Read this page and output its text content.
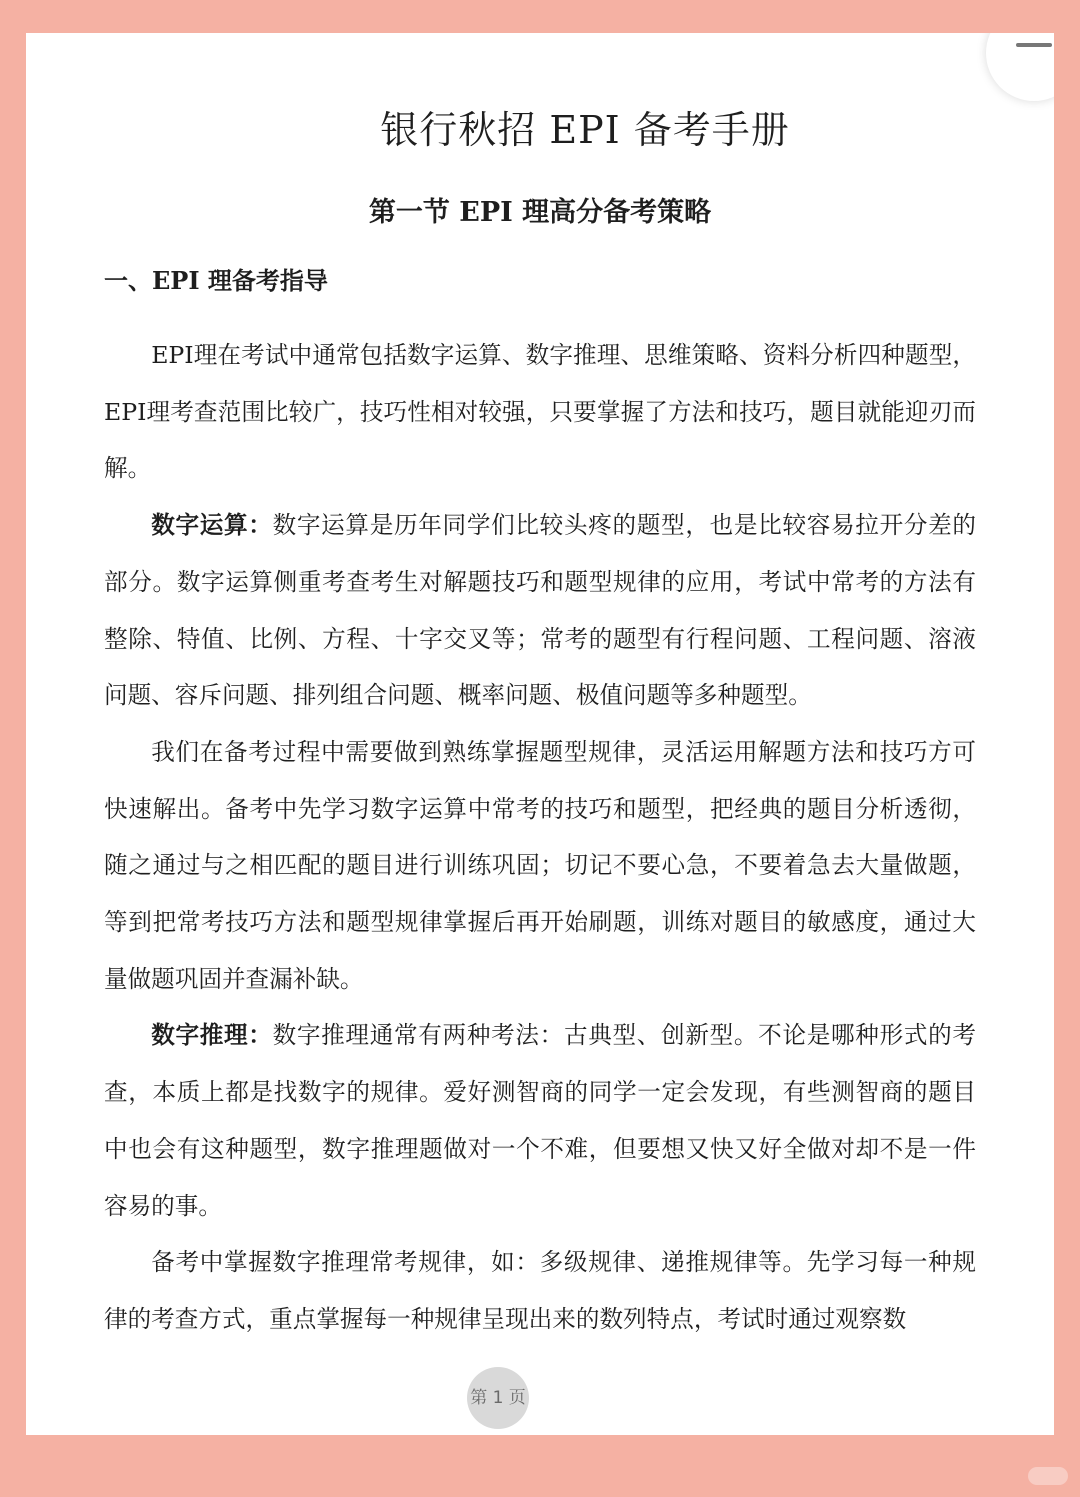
银行秋招 EPI 备考手册
第一节 EPI 理高分备考策略
一、EPI 理备考指导

EPI理在考试中通常包括数字运算、数字推理、思维策略、资料分析四种题型，EPI理考查范围比较广，技巧性相对较强，只要掌握了方法和技巧，题目就能迎刃而解。

数字运算：数字运算是历年同学们比较头疼的题型，也是比较容易拉开分差的部分。数字运算侧重考查考生对解题技巧和题型规律的应用，考试中常考的方法有整除、特值、比例、方程、十字交叉等；常考的题型有行程问题、工程问题、溶液问题、容斥问题、排列组合问题、概率问题、极值问题等多种题型。

我们在备考过程中需要做到熟练掌握题型规律，灵活运用解题方法和技巧方可快速解出。备考中先学习数字运算中常考的技巧和题型，把经典的题目分析透彻，随之通过与之相匹配的题目进行训练巩固；切记不要心急，不要着急去大量做题，等到把常考技巧方法和题型规律掌握后再开始刷题，训练对题目的敏感度，通过大量做题巩固并查漏补缺。

数字推理：数字推理通常有两种考法：古典型、创新型。不论是哪种形式的考查，本质上都是找数字的规律。爱好测智商的同学一定会发现，有些测智商的题目中也会有这种题型，数字推理题做对一个不难，但要想又快又好全做对却不是一件容易的事。

备考中掌握数字推理常考规律，如：多级规律、递推规律等。先学习每一种规律的考查方式，重点掌握每一种规律呈现出来的数列特点，考试时通过观察数

第 1 页
